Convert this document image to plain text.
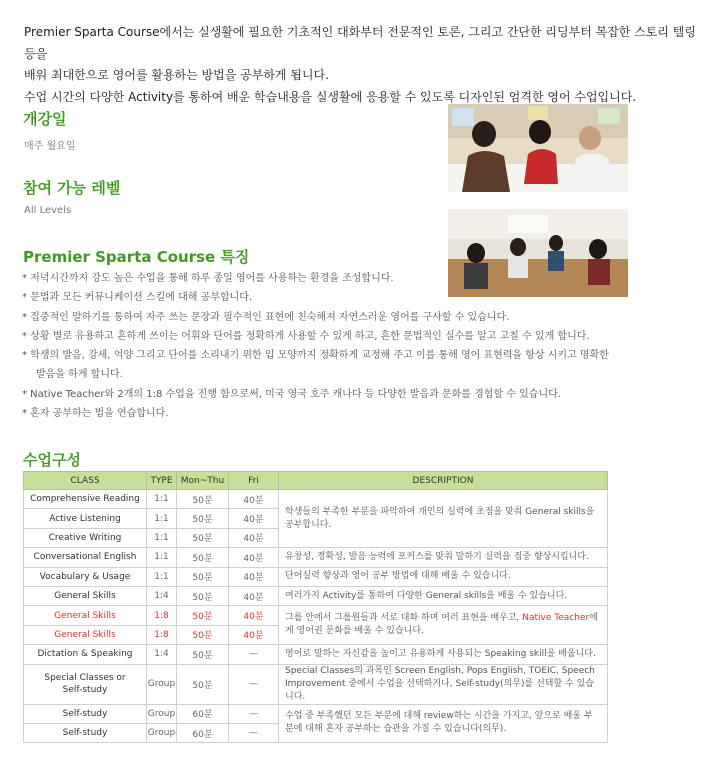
Premier Sparta Course에서는 실생활에 필요한 기초적인 대화부터 전문적인 토론, 그리고 간단한 리딩부터 복잡한 스토리 텔링 등을

배워 최대한으로 영어를 활용하는 방법을 공부하게 됩니다.

수업 시간의 다양한 Activity를 통하여 배운 학습내용을 실생활에 응용할 수 있도록 디자인된 엄격한 영어 수업입니다.

개강일
매주 월요일
참여 가능 레벨
All Levels
Premier Sparta Course 특징
* 저녁시간까지 강도 높은 수업을 통해 하루 종일 영어를 사용하는 환경을 조성합니다.
* 문법과 모든 커뮤니케이션 스킬에 대해 공부합니다.
* 집중적인 말하기를 통하여 자주 쓰는 문장과 필수적인 표현에 친숙해져 자연스러운 영어를 구사할 수 있습니다.
* 상황 별로 유용하고 흔하게 쓰이는 어휘와 단어를 정확하게 사용할 수 있게 하고, 흔한 문법적인 실수를 알고 고칠 수 있게 합니다.
* 학생의 발음, 강세, 억양 그리고 단어를 소리내기 위한 입 모양까지 정확하게 교정해 주고 이를 통해 영어 표현력을 항상 시키고 명확한
발음을 하게 합니다.
* Native Teacher와 2개의 1:8 수업을 진행 함으로써, 미국 영국 호주 캐나다 등 다양한 발음과 문화를 경험할 수 있습니다.
* 혼자 공부하는 법을 연습합니다.
수업구성
CLASS	TYPE	Mon~Thu	Fri	DESCRIPTION
Comprehensive Reading	1:1	50분	40분	학생들의 부족한 부분을 파악하여 개인의 실력에 초점을 맞춰 General skills을 공부합니다.
Active Listening	1:1	50분	40분	
Creative Writing	1:1	50분	40분	
Conversational English	1:1	50분	40분	유창성, 정확성, 발음 능력에 포커스를 맞춰 말하기 실력을 집중 향상시킵니다.
Vocabulary & Usage	1:1	50분	40분	단어실력 향상과 영어 공부 방법에 대해 배울 수 있습니다.
General Skills	1:4	50분	40분	여러가지 Activity를 통하여 다양한 General skills을 배울 수 있습니다.
General Skills	1:8	50분	40분	그룹 안에서 그룹원들과 서로 대화 하며 여러 표현을 배우고, Native Teacher에게 영어권 문화를 배울 수 있습니다.
General Skills	1:8	50분	40분	
Dictation & Speaking	1:4	50분	—	영어로 말하는 자신감을 높이고 유용하게 사용되는 Speaking skill을 배웁니다.

Special Classes or
Self-study	Group	50분	—	Special Classes의 과목인 Screen English, Pops English, TOEIC, Speech Improvement 중에서 수업을 선택하거나, Self-study(의무)를 선택할 수 있습니다.
Self-study	Group	60분	—	수업 중 부족했던 모든 부분에 대해 review하는 시간을 가지고, 앞으로 배울 부분에 대해 혼자 공부하는 습관을 가질 수 있습니다(의무).
Self-study	Group	60분	—	
